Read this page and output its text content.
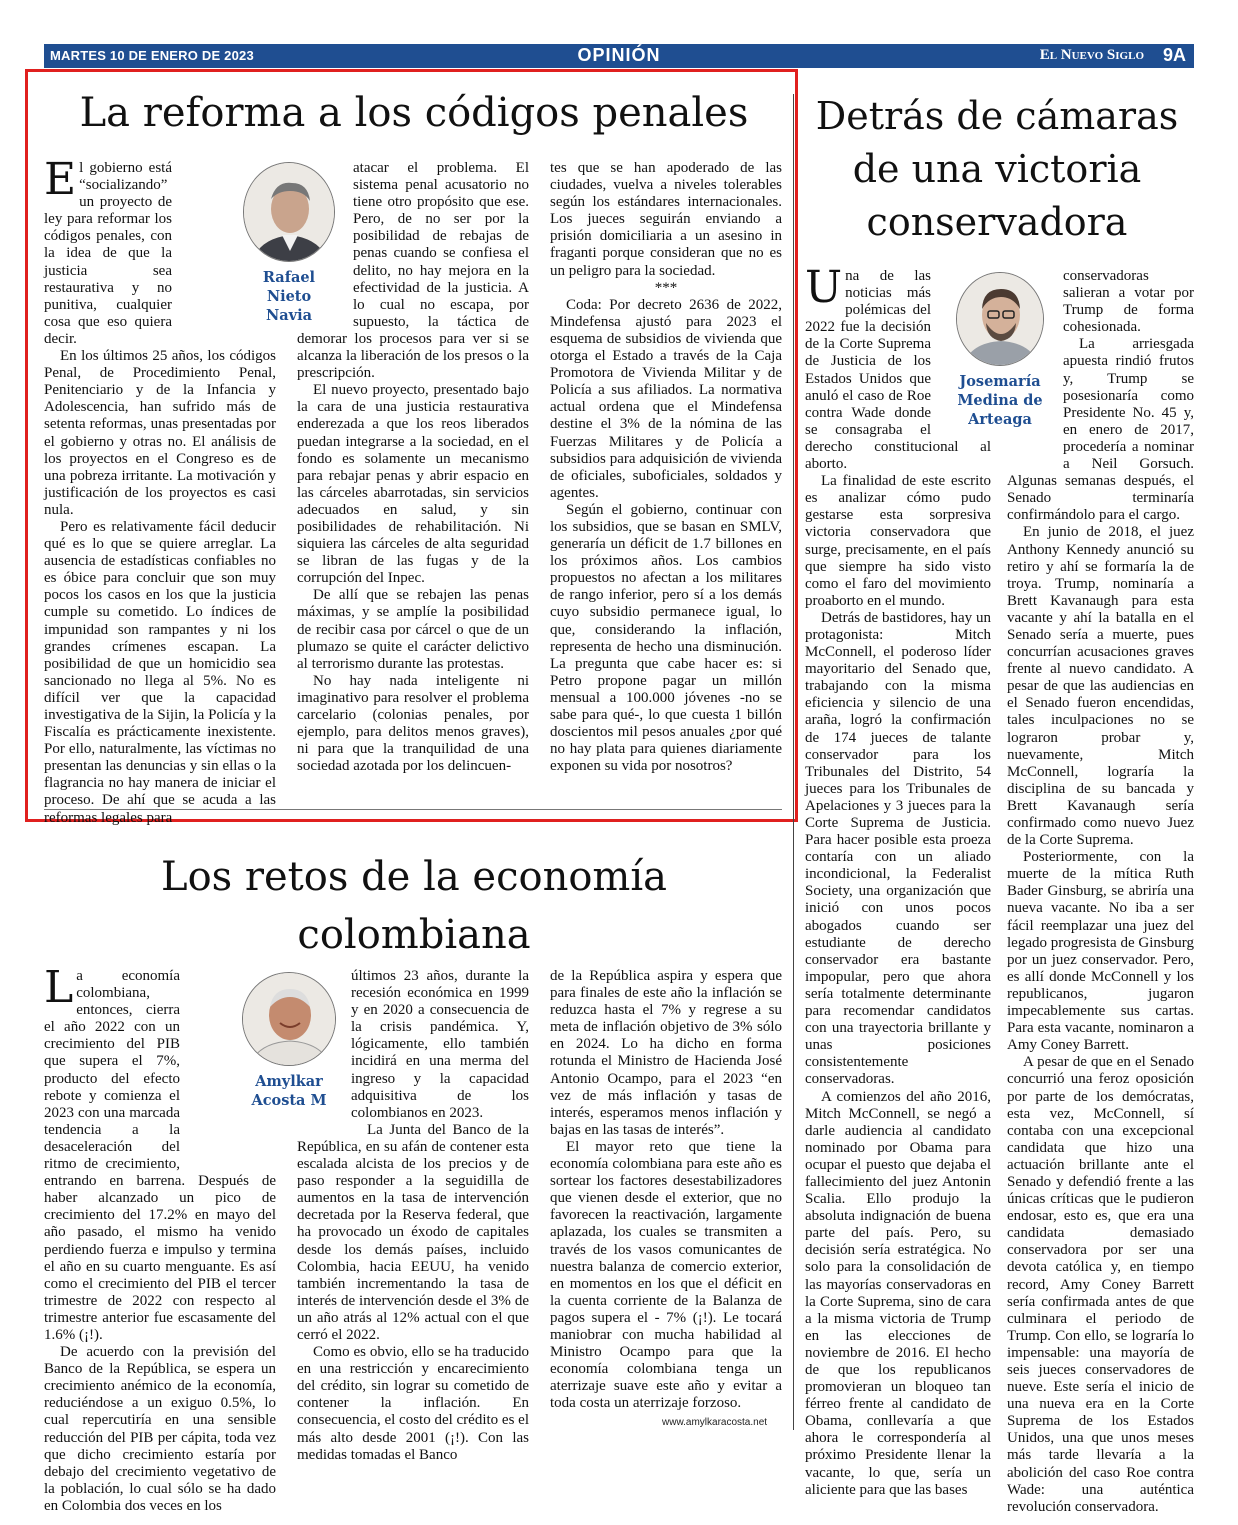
MARTES 10 DE ENERO DE 2023	OPINIÓN	El Nuevo Siglo 9A
La reforma a los códigos penales

El gobierno está “socializando” un proyecto de ley para reformar los códigos penales, con la idea de que la justicia sea restaurativa y no punitiva, cualquier cosa que eso quiera decir.

En los últimos 25 años, los códigos Penal, de Procedimiento Penal, Penitenciario y de la Infancia y Adolescencia, han sufrido más de setenta reformas, unas presentadas por el gobierno y otras no. El análisis de los proyectos en el Congreso es de una pobreza irritante. La motivación y justificación de los proyectos es casi nula.

Pero es relativamente fácil deducir qué es lo que se quiere arreglar. La ausencia de estadísticas confiables no es óbice para concluir que son muy pocos los casos en los que la justicia cumple su cometido. Lo índices de impunidad son rampantes y ni los grandes crímenes escapan. La posibilidad de que un homicidio sea sancionado no llega al 5%. No es difícil ver que la capacidad investigativa de la Sijin, la Policía y la Fiscalía es prácticamente inexistente. Por ello, naturalmente, las víctimas no presentan las denuncias y sin ellas o la flagrancia no hay manera de iniciar el proceso. De ahí que se acuda a las reformas legales para

Rafael Nieto Navia

atacar el problema. El sistema penal acusatorio no tiene otro propósito que ese. Pero, de no ser por la posibilidad de rebajas de penas cuando se confiesa el delito, no hay mejora en la efectividad de la justicia. A lo cual no escapa, por supuesto, la táctica de demorar los procesos para ver si se alcanza la liberación de los presos o la prescripción.

El nuevo proyecto, presentado bajo la cara de una justicia restaurativa enderezada a que los reos liberados puedan integrarse a la sociedad, en el fondo es solamente un mecanismo para rebajar penas y abrir espacio en las cárceles abarrotadas, sin servicios adecuados en salud, y sin posibilidades de rehabilitación. Ni siquiera las cárceles de alta seguridad se libran de las fugas y de la corrupción del Inpec.

De allí que se rebajen las penas máximas, y se amplíe la posibilidad de recibir casa por cárcel o que de un plumazo se quite el carácter delictivo al terrorismo durante las protestas.

No hay nada inteligente ni imaginativo para resolver el problema carcelario (colonias penales, por ejemplo, para delitos menos graves), ni para que la tranquilidad de una sociedad azotada por los delincuen-

tes que se han apoderado de las ciudades, vuelva a niveles tolerables según los estándares internacionales. Los jueces seguirán enviando a prisión domiciliaria a un asesino in fraganti porque consideran que no es un peligro para la sociedad.

***

Coda: Por decreto 2636 de 2022, Mindefensa ajustó para 2023 el esquema de subsidios de vivienda que otorga el Estado a través de la Caja Promotora de Vivienda Militar y de Policía a sus afiliados. La normativa actual ordena que el Mindefensa destine el 3% de la nómina de las Fuerzas Militares y de Policía a subsidios para adquisición de vivienda de oficiales, suboficiales, soldados y agentes.

Según el gobierno, continuar con los subsidios, que se basan en SMLV, generaría un déficit de 1.7 billones en los próximos años. Los cambios propuestos no afectan a los militares de rango inferior, pero sí a los demás cuyo subsidio permanece igual, lo que, considerando la inflación, representa de hecho una disminución. La pregunta que cabe hacer es: si Petro propone pagar un millón mensual a 100.000 jóvenes -no se sabe para qué-, lo que cuesta 1 billón doscientos mil pesos anuales ¿por qué no hay plata para quienes diariamente exponen su vida por nosotros?

Los retos de la economía colombiana

La economía colombiana, entonces, cierra el año 2022 con un crecimiento del PIB que supera el 7%, producto del efecto rebote y comienza el 2023 con una marcada tendencia a la desaceleración del ritmo de crecimiento, entrando en barrena. Después de haber alcanzado un pico de crecimiento del 17.2% en mayo del año pasado, el mismo ha venido perdiendo fuerza e impulso y termina el año en su cuarto menguante. Es así como el crecimiento del PIB el tercer trimestre de 2022 con respecto al trimestre anterior fue escasamente del 1.6% (¡!).

De acuerdo con la previsión del Banco de la República, se espera un crecimiento anémico de la economía, reduciéndose a un exiguo 0.5%, lo cual repercutiría en una sensible reducción del PIB per cápita, toda vez que dicho crecimiento estaría por debajo del crecimiento vegetativo de la población, lo cual sólo se ha dado en Colombia dos veces en los

Amylkar Acosta M

últimos 23 años, durante la recesión económica en 1999 y en 2020 a consecuencia de la crisis pandémica. Y, lógicamente, ello también incidirá en una merma del ingreso y la capacidad adquisitiva de los colombianos en 2023.

La Junta del Banco de la República, en su afán de contener esta escalada alcista de los precios y de paso responder a la seguidilla de aumentos en la tasa de intervención decretada por la Reserva federal, que ha provocado un éxodo de capitales desde los demás países, incluido Colombia, hacia EEUU, ha venido también incrementando la tasa de interés de intervención desde el 3% de un año atrás al 12% actual con el que cerró el 2022.

Como es obvio, ello se ha traducido en una restricción y encarecimiento del crédito, sin lograr su cometido de contener la inflación. En consecuencia, el costo del crédito es el más alto desde 2001 (¡!). Con las medidas tomadas el Banco

de la República aspira y espera que para finales de este año la inflación se reduzca hasta el 7% y regrese a su meta de inflación objetivo de 3% sólo en 2024. Lo ha dicho en forma rotunda el Ministro de Hacienda José Antonio Ocampo, para el 2023 “en vez de más inflación y tasas de interés, esperamos menos inflación y bajas en las tasas de interés”.

El mayor reto que tiene la economía colombiana para este año es sortear los factores desestabilizadores que vienen desde el exterior, que no favorecen la reactivación, largamente aplazada, los cuales se transmiten a través de los vasos comunicantes de nuestra balanza de comercio exterior, en momentos en los que el déficit en la cuenta corriente de la Balanza de pagos supera el - 7% (¡!). Le tocará maniobrar con mucha habilidad al Ministro Ocampo para que la economía colombiana tenga un aterrizaje suave este año y evitar a toda costa un aterrizaje forzoso.

www.amylkaracosta.net
Detrás de cámaras de una victoria conservadora

Una de las noticias más polémicas del 2022 fue la decisión de la Corte Suprema de Justicia de los Estados Unidos que anuló el caso de Roe contra Wade donde se consagraba el derecho constitucional al aborto.

La finalidad de este escrito es analizar cómo pudo gestarse esta sorpresiva victoria conservadora que surge, precisamente, en el país que siempre ha sido visto como el faro del movimiento proaborto en el mundo.

Detrás de bastidores, hay un protagonista: Mitch McConnell, el poderoso líder mayoritario del Senado que, trabajando con la misma eficiencia y silencio de una araña, logró la confirmación de 174 jueces de talante conservador para los Tribunales del Distrito, 54 jueces para los Tribunales de Apelaciones y 3 jueces para la Corte Suprema de Justicia. Para hacer posible esta proeza contaría con un aliado incondicional, la Federalist Society, una organización que inició con unos pocos abogados cuando ser estudiante de derecho conservador era bastante impopular, pero que ahora sería totalmente determinante para recomendar candidatos con una trayectoria brillante y unas posiciones consistentemente conservadoras.

A comienzos del año 2016, Mitch McConnell, se negó a darle audiencia al candidato nominado por Obama para ocupar el puesto que dejaba el fallecimiento del juez Antonin Scalia. Ello produjo la absoluta indignación de buena parte del país. Pero, su decisión sería estratégica. No solo para la consolidación de las mayorías conservadoras en la Corte Suprema, sino de cara a la misma victoria de Trump en las elecciones de noviembre de 2016. El hecho de que los republicanos promovieran un bloqueo tan férreo frente al candidato de Obama, conllevaría a que ahora le correspondería al próximo Presidente llenar la vacante, lo que, sería un aliciente para que las bases

Josemaría Medina de Arteaga

conservadoras salieran a votar por Trump de forma cohesionada.

La arriesgada apuesta rindió frutos y, Trump se posesionaría como Presidente No. 45 y, en enero de 2017, procedería a nominar a Neil Gorsuch. Algunas semanas después, el Senado terminaría confirmándolo para el cargo.

En junio de 2018, el juez Anthony Kennedy anunció su retiro y ahí se formaría la de troya. Trump, nominaría a Brett Kavanaugh para esta vacante y ahí la batalla en el Senado sería a muerte, pues concurrían acusaciones graves frente al nuevo candidato. A pesar de que las audiencias en el Senado fueron encendidas, tales inculpaciones no se lograron probar y, nuevamente, Mitch McConnell, lograría la disciplina de su bancada y Brett Kavanaugh sería confirmado como nuevo Juez de la Corte Suprema.

Posteriormente, con la muerte de la mítica Ruth Bader Ginsburg, se abriría una nueva vacante. No iba a ser fácil reemplazar una juez del legado progresista de Ginsburg por un juez conservador. Pero, es allí donde McConnell y los republicanos, jugaron impecablemente sus cartas. Para esta vacante, nominaron a Amy Coney Barrett.

A pesar de que en el Senado concurrió una feroz oposición por parte de los demócratas, esta vez, McConnell, sí contaba con una excepcional candidata que hizo una actuación brillante ante el Senado y defendió frente a las únicas críticas que le pudieron endosar, esto es, que era una candidata demasiado conservadora por ser una devota católica y, en tiempo record, Amy Coney Barrett sería confirmada antes de que culminara el periodo de Trump. Con ello, se lograría lo impensable: una mayoría de seis jueces conservadores de nueve. Este sería el inicio de una nueva era en la Corte Suprema de los Estados Unidos, una que unos meses más tarde llevaría a la abolición del caso Roe contra Wade: una auténtica revolución conservadora.
